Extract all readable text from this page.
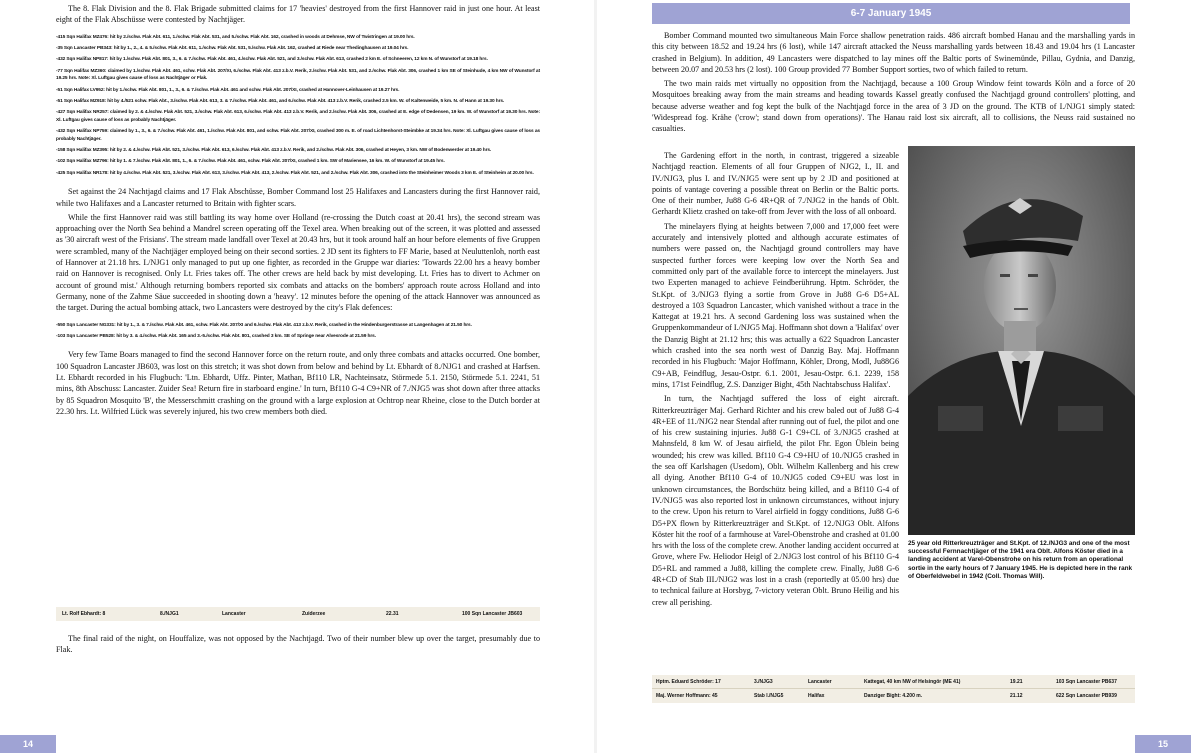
The 8. Flak Division and the 8. Flak Brigade submitted claims for 17 'heavies' destroyed from the first Hannover raid in just one hour. At least eight of the Flak Abschüsse were contested by Nachtjäger.

-415 Sqn Halifax MZ476: hit by 2./schw. Flak Abt. 611, 1./schw. Flak Abt. 531, and 5./schw. Flak Abt. 162, crashed in woods at Dehmse, NW of Twistringen at 19.00 hrs.

-35 Sqn Lancaster PB343: hit by 1., 2., 4. & 5./schw. Flak Abt. 611, 1./schw. Flak Abt. 531, 5./schw. Flak Abt. 162, crashed at Riede near Thedinghausen at 19.04 hrs.

-432 Sqn Halifax NP817: hit by 1./schw. Flak Abt. 801, 3., 6. & 7./schw. Flak Abt. 461, 4./schw. Flak Abt. 521, and 3./schw. Flak Abt. 613, crashed 2 km E. of Schneeren, 12 km N. of Wunstorf at 19.18 hrs.

-77 Sqn Halifax MZ360: claimed by 1./schw. Flak Abt. 461, schw. Flak Abt. 207/XI, 6./schw. Flak Abt. 413 z.b.V. Rerik, 2./schw. Flak Abt. 531, and 2./schw. Flak Abt. 306, crashed 1 km SE of Steinhude, 4 km NW of Wunstorf at 19.25 hrs. Note: Xl. Luftgau gives cause of loss as Nachtjäger or Flak.

-51 Sqn Halifax LV952: hit by 1./schw. Flak Abt. 801, 1., 3., 6. & 7./schw. Flak Abt. 461 and schw. Flak Abt. 207/XI, crashed at Hannover-Leinhausen at 19.27 hrs.

-51 Sqn Halifax MZ918: hit by 4./521 schw. Flak Abt., 3./schw. Flak Abt. 613, 3. & 7./schw. Flak Abt. 461, and 6./schw. Flak Abt. 413 z.b.V. Rerik, crashed 2.5 km. W. of Kaltenweide, 5 km. N. of Hann at 19.30 hrs.

-427 Sqn Halifax NR257: claimed by 2. & 4./schw. Flak Abt. 521, 3./schw. Flak Abt. 613, 6./schw. Flak Abt. 413 z.b.V. Rerik, and 2./schw. Flak Abt. 306, crashed at E. edge of Dedensen, 19 km. W. of Wunstorf at 19.30 hrs. Note: Xl. Luftgau gives cause of loss as probably Nachtjäger.

-432 Sqn Halifax NP759: claimed by 1., 3., 6. & 7./schw. Flak Abt. 461, 1./schw. Flak Abt. 801, and schw. Flak Abt. 207/XI, crashed 300 m. E. of road Lichtenhorst-Steimbke at 19.34 hrs. Note: Xl. Luftgau gives cause of loss as probably Nachtjäger.

-158 Sqn Halifax MZ395: hit by 2. & 4./schw. Flak Abt. 521, 3./schw. Flak Abt. 613, 6./schw. Flak Abt. 413 z.b.V. Rerik, and 2./schw. Flak Abt. 306, crashed at Heyen, 3 km. NW of Bodenwerder at 19.40 hrs.

-102 Sqn Halifax MZ796: hit by 1. & 7./schw. Flak Abt. 801, 1., 6. & 7./schw. Flak Abt. 461, schw. Flak Abt. 207/XI, crashed 1 km. SW of Mariensee, 16 km. W. of Wunstorf at 19.45 hrs.

-425 Sqn Halifax NR178: hit by 4./schw. Flak Abt. 521, 3./schw. Flak Abt. 613, 3./schw. Flak Abt. 413, 2./schw. Flak Abt. 521, and 2./schw. Flak Abt. 306, crashed into the Steinheimer Woods 3 km E. of Steinheim at 20.00 hrs.

Set against the 24 Nachtjagd claims and 17 Flak Abschüsse, Bomber Command lost 25 Halifaxes and Lancasters during the first Hannover raid, while two Halifaxes and a Lancaster returned to Britain with fighter scars.

While the first Hannover raid was still battling its way home over Holland (re-crossing the Dutch coast at 20.41 hrs), the second stream was approaching over the North Sea behind a Mandrel screen operating off the Texel area. When breaking out of the screen, it was plotted and assessed as '30 aircraft west of the Frisians'. The stream made landfall over Texel at 20.43 hrs, but it took around half an hour before elements of five Gruppen were scrambled, many of the Nachtjäger employed being on their second sorties. 2 JD sent its fighters to FF Marie, based at Neuluttenloh, north east of Hannover at 21.18 hrs. I./NJG1 only managed to put up one fighter, as recorded in the Gruppe war diaries: 'Towards 22.00 hrs a heavy bomber raid on Hannover is recognised. Only Lt. Fries takes off. The other crews are held back by mist developing. Lt. Fries has to divert to Achmer on account of ground mist.' Although returning bombers reported six combats and attacks on the bombers' approach route across Holland and into Germany, none of the Zahme Säue succeeded in shooting down a 'heavy'. 12 minutes before the opening of the attack Hannover was announced as the target. During the actual bombing attack, two Lancasters were destroyed by the city's Flak defences:

-550 Sqn Lancaster NG331: hit by 1., 3. & 7./schw. Flak Abt. 461, schw. Flak Abt. 207/XI and 6./schw. Flak Abt. 413 z.b.V. Rerik, crashed in the Hindenburgerstrasse at Langenhagen at 21.50 hrs.

-103 Sqn Lancaster PB528: hit by 3. & 4./schw. Flak Abt. 165 and 3.-5./schw. Flak Abt. 801, crashed 3 km. SE of Springe near Alvesrode at 21.59 hrs.

Very few Tame Boars managed to find the second Hannover force on the return route, and only three combats and attacks occurred. One bomber, 100 Squadron Lancaster JB603, was lost on this stretch; it was shot down from below and behind by Lt. Ebhardt of 8./NJG1 and crashed at Harfsen. Lt. Ebhardt recorded in his Flugbuch: 'Ltn. Ebhardt, Uffz. Pinter, Mathan, Bf110 LR, Nachteinsatz, Störmede 5.1. 2150, Störmede 5.1. 2241, 51 mins, 8th Abschuss: Lancaster. Zuider Sea! Return fire in starboard engine.' In turn, Bf110 G-4 C9+NR of 7./NJG5 was shot down after three attacks by 85 Squadron Mosquito 'B', the Messerschmitt crashing on the ground with a large explosion at Ochtrop near Rheine, close to the Dutch border at 22.30 hrs. Lt. Wilfried Lück was severely injured, his two crew members both died.

Lt. Rolf Ebhardt: 8	8./NJG1	Lancaster	Zuiderzee	22.31	100 Sqn Lancaster JB603

The final raid of the night, on Houffalize, was not opposed by the Nachtjagd. Two of their number blew up over the target, presumably due to Flak.

14
6-7 January 1945

Bomber Command mounted two simultaneous Main Force shallow penetration raids. 486 aircraft bombed Hanau and the marshalling yards in this city between 18.52 and 19.24 hrs (6 lost), while 147 aircraft attacked the Neuss marshalling yards between 18.43 and 19.04 hrs (1 Lancaster crashed in Belgium). In addition, 49 Lancasters were dispatched to lay mines off the Baltic ports of Swinemünde, Pillau, Gydnia, and Danzig, between 20.07 and 20.53 hrs (2 lost). 100 Group provided 77 Bomber Support sorties, two of which failed to return.

The two main raids met virtually no opposition from the Nachtjagd, because a 100 Group Window feint towards Köln and a force of 20 Mosquitoes breaking away from the main streams and heading towards Kassel greatly confused the Nachtjagd ground controllers' plotting, and because adverse weather and fog kept the bulk of the Nachtjagd force in the area of 3 JD on the ground. The KTB of I./NJG1 simply stated: 'Widespread fog. Krähe ('crow'; stand down from operations)'. The Hanau raid lost six aircraft, all to collisions, the Neuss raid sustained no casualties.

The Gardening effort in the north, in contrast, triggered a sizeable Nachtjagd reaction. Elements of all four Gruppen of NJG2, I., II. and IV./NJG3, plus I. and IV./NJG5 were sent up by 2 JD and positioned at points of vantage covering a possible threat on Berlin or the Baltic ports. One of their number, Ju88 G-6 4R+QR of 7./NJG2 in the hands of Oblt. Gerhardt Klietz crashed on take-off from Jever with the loss of all onboard.

The minelayers flying at heights between 7,000 and 17,000 feet were accurately and intensively plotted and although accurate estimates of numbers were passed on, the Nachtjagd ground controllers may have suspected further forces were keeping low over the North Sea and committed only part of the available force to intercept the minelayers. Just two Experten managed to achieve Feindberührung. Hptm. Schröder, the St.Kpt. of 3./NJG3 flying a sortie from Grove in Ju88 G-6 D5+AL destroyed a 103 Squadron Lancaster, which vanished without a trace in the Kattegat at 19.21 hrs. A second Gardening loss was sustained when the Gruppenkommandeur of I./NJG5 Maj. Hoffmann shot down a 'Halifax' over the Danzig Bight at 21.12 hrs; this was actually a 622 Squadron Lancaster which crashed into the sea north west of Danzig Bay. Maj. Hoffmann recorded in his Flugbuch: 'Major Hoffmann, Köhler, Drong, Modl, Ju88G6 C9+AB, Feindflug, Jesau-Ostpr. 6.1. 2001, Jesau-Ostpr. 6.1. 2239, 158 mins, 171st Feindflug, Z.S. Danziger Bight, 45th Nachtabschuss Halifax'.

In turn, the Nachtjagd suffered the loss of eight aircraft. Ritterkreuzträger Maj. Gerhard Richter and his crew baled out of Ju88 G-4 4R+EE of 11./NJG2 near Stendal after running out of fuel, the pilot and one of his crew sustaining injuries. Ju88 G-1 C9+CL of 3./NJG5 crashed at Mahnsfeld, 8 km W. of Jesau airfield, the pilot Fhr. Egon Üblein being wounded; his crew was killed. Bf110 G-4 C9+HU of 10./NJG5 crashed in the sea off Karlshagen (Usedom), Oblt. Wilhelm Kallenberg and his crew all dying. Another Bf110 G-4 of 10./NJG5 coded C9+EU was lost in unknown circumstances, the Bordschütz being killed, and a Bf110 G-4 of IV./NJG5 was also reported lost in unknown circumstances, without injury to the crew. Upon his return to Varel airfield in foggy conditions, Ju88 G-6 D5+PX flown by Ritterkreuzträger and St.Kpt. of 12./NJG3 Oblt. Alfons Köster hit the roof of a farmhouse at Varel-Obenstrohe and crashed at 01.00 hrs with the loss of the complete crew. Another landing accident occurred at Grove, where Fw. Heliodor Heigl of 2./NJG3 lost control of his Bf110 G-4 D5+RL and rammed a Ju88, killing the complete crew. Finally, Ju88 G-6 4R+CD of Stab III./NJG2 was lost in a crash (reportedly at 05.00 hrs) due to technical failure at Horsbyg, 7-victory veteran Oblt. Bruno Heilig and his crew all perishing.

25 year old Ritterkreuzträger and St.Kpt. of 12./NJG3 and one of the most successful Fernnachtjäger of the 1941 era Oblt. Alfons Köster died in a landing accident at Varel-Obenstrohe on his return from an operational sortie in the early hours of 7 January 1945. He is depicted here in the rank of Oberfeldwebel in 1942 (Coll. Thomas Will).
Hptm. Eduard Schröder: 17	3./NJG3	Lancaster	Kattegat, 40 km NW of Helsingör (ME 41)	19.21	103 Sqn Lancaster PB637
Maj. Werner Hoffmann: 45	Stab I./NJG5	Halifax	Danziger Bight: 4.200 m.	21.12	622 Sqn Lancaster PB939
15
